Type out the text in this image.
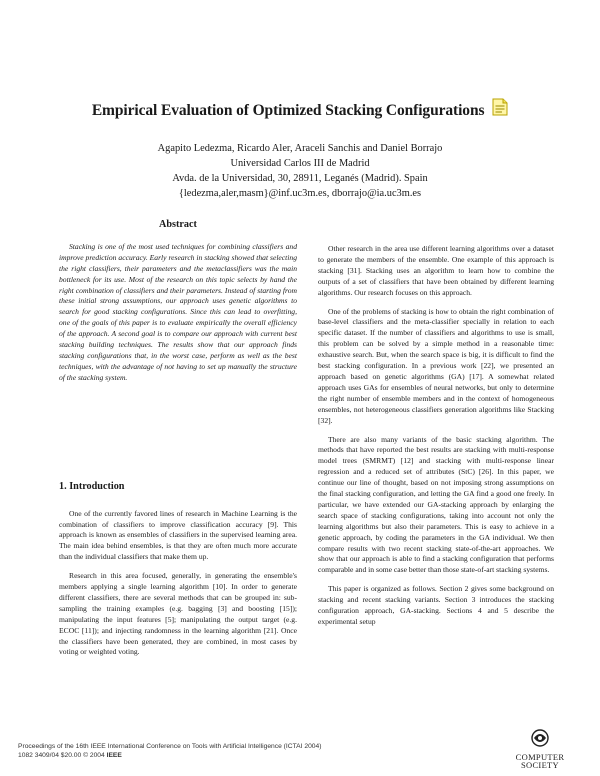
Empirical Evaluation of Optimized Stacking Configurations
Agapito Ledezma, Ricardo Aler, Araceli Sanchis and Daniel Borrajo
Universidad Carlos III de Madrid
Avda. de la Universidad, 30, 28911, Leganés (Madrid). Spain
{ledezma,aler,masm}@inf.uc3m.es, dborrajo@ia.uc3m.es
Abstract

Stacking is one of the most used techniques for combining classifiers and improve prediction accuracy. Early research in stacking showed that selecting the right classifiers, their parameters and the metaclassifiers was the main bottleneck for its use. Most of the research on this topic selects by hand the right combination of classifiers and their parameters. Instead of starting from these initial strong assumptions, our approach uses genetic algorithms to search for good stacking configurations. Since this can lead to overfitting, one of the goals of this paper is to evaluate empirically the overall efficiency of the approach. A second goal is to compare our approach with current best stacking building techniques. The results show that our approach finds stacking configurations that, in the worst case, perform as well as the best techniques, with the advantage of not having to set up manually the structure of the stacking system.

1. Introduction

One of the currently favored lines of research in Machine Learning is the combination of classifiers to improve classification accuracy [9]. This approach is known as ensembles of classifiers in the supervised learning area. The main idea behind ensembles, is that they are often much more accurate than the individual classifiers that make them up.

Research in this area focused, generally, in generating the ensemble's members applying a single learning algorithm [10]. In order to generate different classifiers, there are several methods that can be grouped in: sub-sampling the training examples (e.g. bagging [3] and boosting [15]); manipulating the input features [5]; manipulating the output target (e.g. ECOC [11]); and injecting randomness in the learning algorithm [21]. Once the classifiers have been generated, they are combined, in most cases by voting or weighted voting.

Other research in the area use different learning algorithms over a dataset to generate the members of the ensemble. One example of this approach is stacking [31]. Stacking uses an algorithm to learn how to combine the outputs of a set of classifiers that have been obtained by different learning algorithms. Our research focuses on this approach.

One of the problems of stacking is how to obtain the right combination of base-level classifiers and the meta-classifier specially in relation to each specific dataset. If the number of classifiers and algorithms to use is small, this problem can be solved by a simple method in a reasonable time: exhaustive search. But, when the search space is big, it is difficult to find the best stacking configuration. In a previous work [22], we presented an approach based on genetic algorithms (GA) [17]. A somewhat related approach uses GAs for ensembles of neural networks, but only to determine the right number of ensemble members and in the context of homogeneous ensembles, not heterogeneous classifiers generation algorithms like Stacking [32].

There are also many variants of the basic stacking algorithm. The methods that have reported the best results are stacking with multi-response model trees (SMRMT) [12] and stacking with multi-response linear regression and a reduced set of attributes (StC) [26]. In this paper, we continue our line of thought, based on not imposing strong assumptions on the final stacking configuration, and letting the GA find a good one freely. In particular, we have extended our GA-stacking approach by enlarging the search space of stacking configurations, taking into account not only the learning algorithms but also their parameters. This is easy to achieve in a genetic approach, by coding the parameters in the GA individual. We then compare results with two recent stacking state-of-the-art approaches. We show that our approach is able to find a stacking configuration that performs comparable and in some case better than those state-of-art stacking systems.

This paper is organized as follows. Section 2 gives some background on stacking and recent stacking variants. Section 3 introduces the stacking configuration approach, GA-stacking. Sections 4 and 5 describe the experimental setup

Proceedings of the 16th IEEE International Conference on Tools with Artificial Intelligence (ICTAI 2004)
1082 3409/04 $20.00 © 2004 IEEE	COMPUTER
SOCIETY
